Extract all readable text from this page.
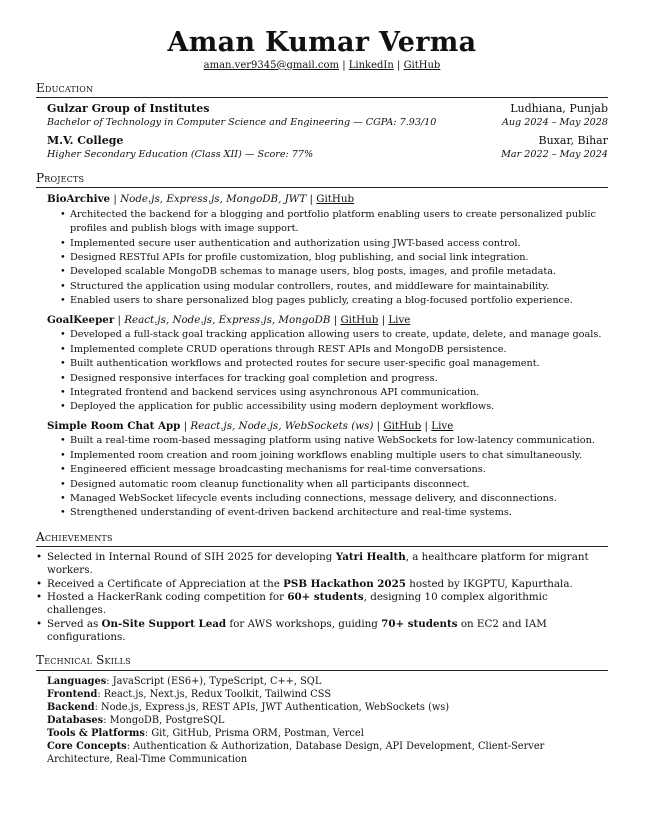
Aman Kumar Verma
aman.ver9345@gmail.com | LinkedIn | GitHub
Education
Gulzar Group of Institutes	Ludhiana, Punjab
Bachelor of Technology in Computer Science and Engineering — CGPA: 7.93/10	Aug 2024 – May 2028
M.V. College	Buxar, Bihar
Higher Secondary Education (Class XII) — Score: 77%	Mar 2022 – May 2024
Projects
BioArchive | Node.js, Express.js, MongoDB, JWT | GitHub
• Architected the backend for a blogging and portfolio platform enabling users to create personalized public profiles and publish blogs with image support.
• Implemented secure user authentication and authorization using JWT-based access control.
• Designed RESTful APIs for profile customization, blog publishing, and social link integration.
• Developed scalable MongoDB schemas to manage users, blog posts, images, and profile metadata.
• Structured the application using modular controllers, routes, and middleware for maintainability.
• Enabled users to share personalized blog pages publicly, creating a blog-focused portfolio experience.
GoalKeeper | React.js, Node.js, Express.js, MongoDB | GitHub | Live
• Developed a full-stack goal tracking application allowing users to create, update, delete, and manage goals.
• Implemented complete CRUD operations through REST APIs and MongoDB persistence.
• Built authentication workflows and protected routes for secure user-specific goal management.
• Designed responsive interfaces for tracking goal completion and progress.
• Integrated frontend and backend services using asynchronous API communication.
• Deployed the application for public accessibility using modern deployment workflows.
Simple Room Chat App | React.js, Node.js, WebSockets (ws) | GitHub | Live
• Built a real-time room-based messaging platform using native WebSockets for low-latency communication.
• Implemented room creation and room joining workflows enabling multiple users to chat simultaneously.
• Engineered efficient message broadcasting mechanisms for real-time conversations.
• Designed automatic room cleanup functionality when all participants disconnect.
• Managed WebSocket lifecycle events including connections, message delivery, and disconnections.
• Strengthened understanding of event-driven backend architecture and real-time systems.
Achievements
• Selected in Internal Round of SIH 2025 for developing Yatri Health, a healthcare platform for migrant workers.
• Received a Certificate of Appreciation at the PSB Hackathon 2025 hosted by IKGPTU, Kapurthala.
• Hosted a HackerRank coding competition for 60+ students, designing 10 complex algorithmic challenges.
• Served as On-Site Support Lead for AWS workshops, guiding 70+ students on EC2 and IAM configurations.
Technical Skills
Languages: JavaScript (ES6+), TypeScript, C++, SQL
Frontend: React.js, Next.js, Redux Toolkit, Tailwind CSS
Backend: Node.js, Express.js, REST APIs, JWT Authentication, WebSockets (ws)
Databases: MongoDB, PostgreSQL
Tools & Platforms: Git, GitHub, Prisma ORM, Postman, Vercel
Core Concepts: Authentication & Authorization, Database Design, API Development, Client-Server Architecture, Real-Time Communication
